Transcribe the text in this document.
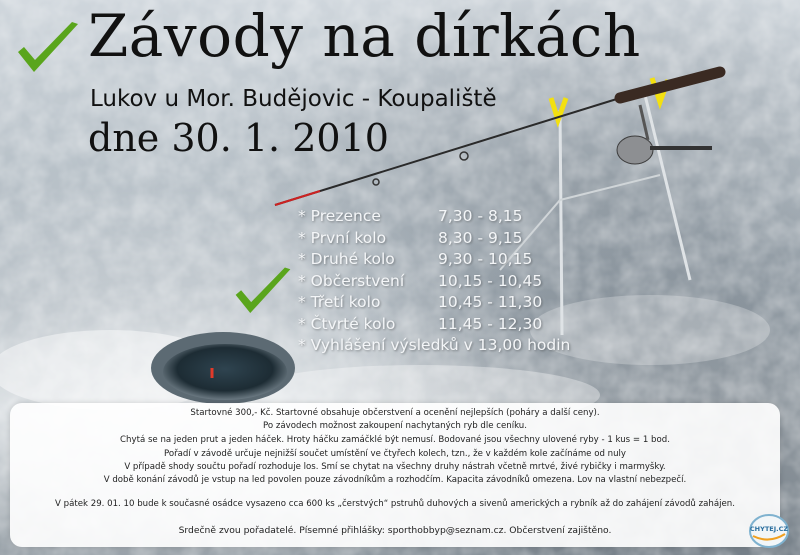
Závody na dírkách
Lukov u Mor. Budějovic - Koupaliště
dne 30. 1. 2010
* Prezence	7,30 - 8,15
* První kolo	8,30 - 9,15
* Druhé kolo	9,30 - 10,15
* Občerstvení 10,15 - 10,45
* Třetí kolo	10,45 - 11,30
* Čtvrté kolo	11,45 - 12,30
* Vyhlášení výsledků v 13,00 hodin
Startovné 300,- Kč. Startovné obsahuje občerstvení a ocenění nejlepších (poháry a další ceny).
Po závodech možnost zakoupení nachytaných ryb dle ceníku.
Chytá se na jeden prut a jeden háček. Hroty háčku zamáčklé být nemusí. Bodované jsou všechny ulovené ryby - 1 kus = 1 bod.
Pořadí v závodě určuje nejnižší součet umístění ve čtyřech kolech, tzn., že v každém kole začínáme od nuly
V případě shody součtu pořadí rozhoduje los. Smí se chytat na všechny druhy nástrah včetně mrtvé, živé rybičky i marmyšky.
V době konání závodů je vstup na led povolen pouze závodníkům a rozhodčím. Kapacita závodníků omezena. Lov na vlastní nebezpečí.
V pátek 29. 01. 10 bude k současné osádce vysazeno cca 600 ks „čerstvých“ pstruhů duhových a sivenů amerických a rybník až do zahájení závodů zahájen.
Srdečně zvou pořadatelé. Písemné přihlášky: sporthobbyp@seznam.cz. Občerstvení zajištěno.	CHYTEJ.CZ
